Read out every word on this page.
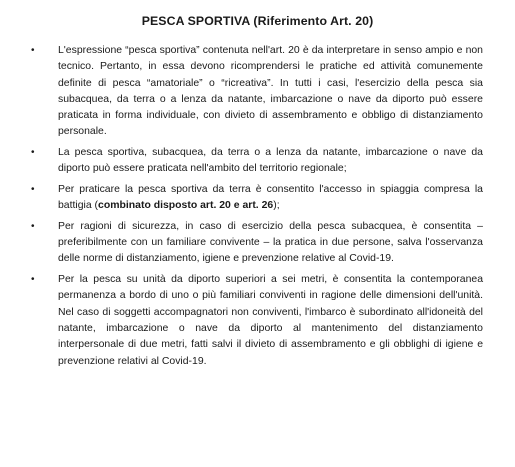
PESCA SPORTIVA (Riferimento Art. 20)
•	L'espressione “pesca sportiva” contenuta nell'art. 20 è da interpretare in senso ampio e non tecnico. Pertanto, in essa devono ricomprendersi le pratiche ed attività comunemente definite di pesca “amatoriale” o “ricreativa”. In tutti i casi, l'esercizio della pesca sia subacquea, da terra o a lenza da natante, imbarcazione o nave da diporto può essere praticata in forma individuale, con divieto di assembramento e obbligo di distanziamento personale.
•	La pesca sportiva, subacquea, da terra o a lenza da natante, imbarcazione o nave da diporto può essere praticata nell'ambito del territorio regionale;
•	Per praticare la pesca sportiva da terra è consentito l'accesso in spiaggia compresa la battigia (combinato disposto art. 20 e art. 26);
•	Per ragioni di sicurezza, in caso di esercizio della pesca subacquea, è consentita – preferibilmente con un familiare convivente – la pratica in due persone, salva l'osservanza delle norme di distanziamento, igiene e prevenzione relative al Covid-19.
•	Per la pesca su unità da diporto superiori a sei metri, è consentita la contemporanea permanenza a bordo di uno o più familiari conviventi in ragione delle dimensioni dell'unità. Nel caso di soggetti accompagnatori non conviventi, l'imbarco è subordinato all'idoneità del natante, imbarcazione o nave da diporto al mantenimento del distanziamento interpersonale di due metri, fatti salvi il divieto di assembramento e gli obblighi di igiene e prevenzione relativi al Covid-19.
